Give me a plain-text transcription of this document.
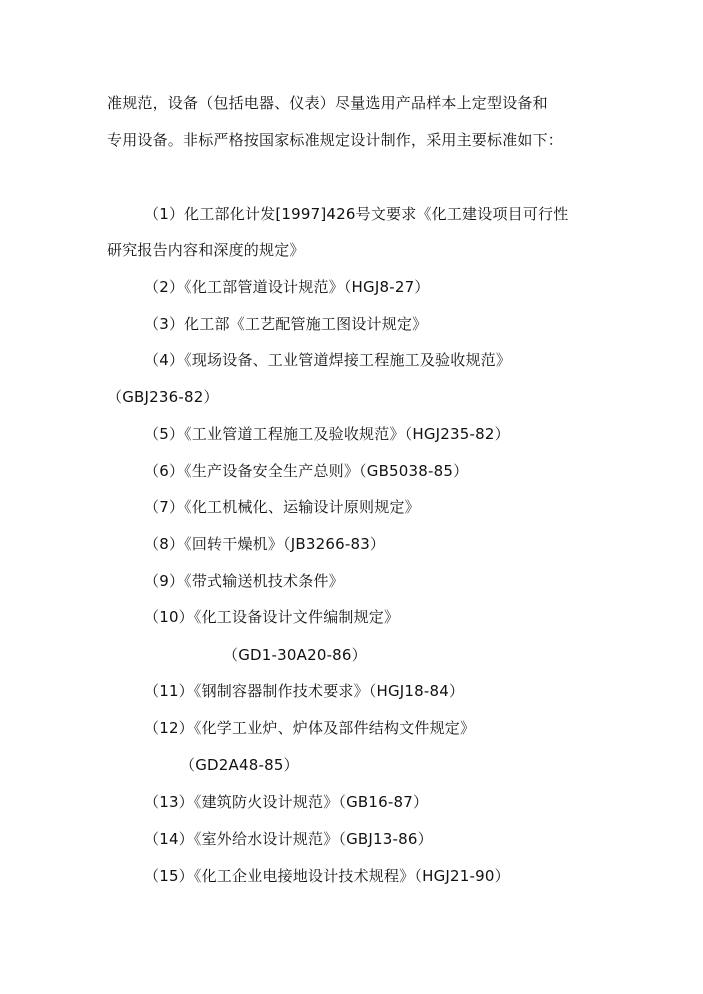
准规范，设备（包括电器、仪表）尽量选用产品样本上定型设备和
专用设备。非标严格按国家标准规定设计制作，采用主要标准如下：
（1）化工部化计发[1997]426号文要求《化工建设项目可行性
研究报告内容和深度的规定》
（2）《化工部管道设计规范》（HGJ8-27）
（3）化工部《工艺配管施工图设计规定》
（4）《现场设备、工业管道焊接工程施工及验收规范》
（GBJ236-82）
（5）《工业管道工程施工及验收规范》（HGJ235-82）
（6）《生产设备安全生产总则》（GB5038-85）
（7）《化工机械化、运输设计原则规定》
（8）《回转干燥机》（JB3266-83）
（9）《带式输送机技术条件》
（10）《化工设备设计文件编制规定》
（GD1-30A20-86）
（11）《钢制容器制作技术要求》（HGJ18-84）
（12）《化学工业炉、炉体及部件结构文件规定》
（GD2A48-85）
（13）《建筑防火设计规范》（GB16-87）
（14）《室外给水设计规范》（GBJ13-86）
（15）《化工企业电接地设计技术规程》（HGJ21-90）
